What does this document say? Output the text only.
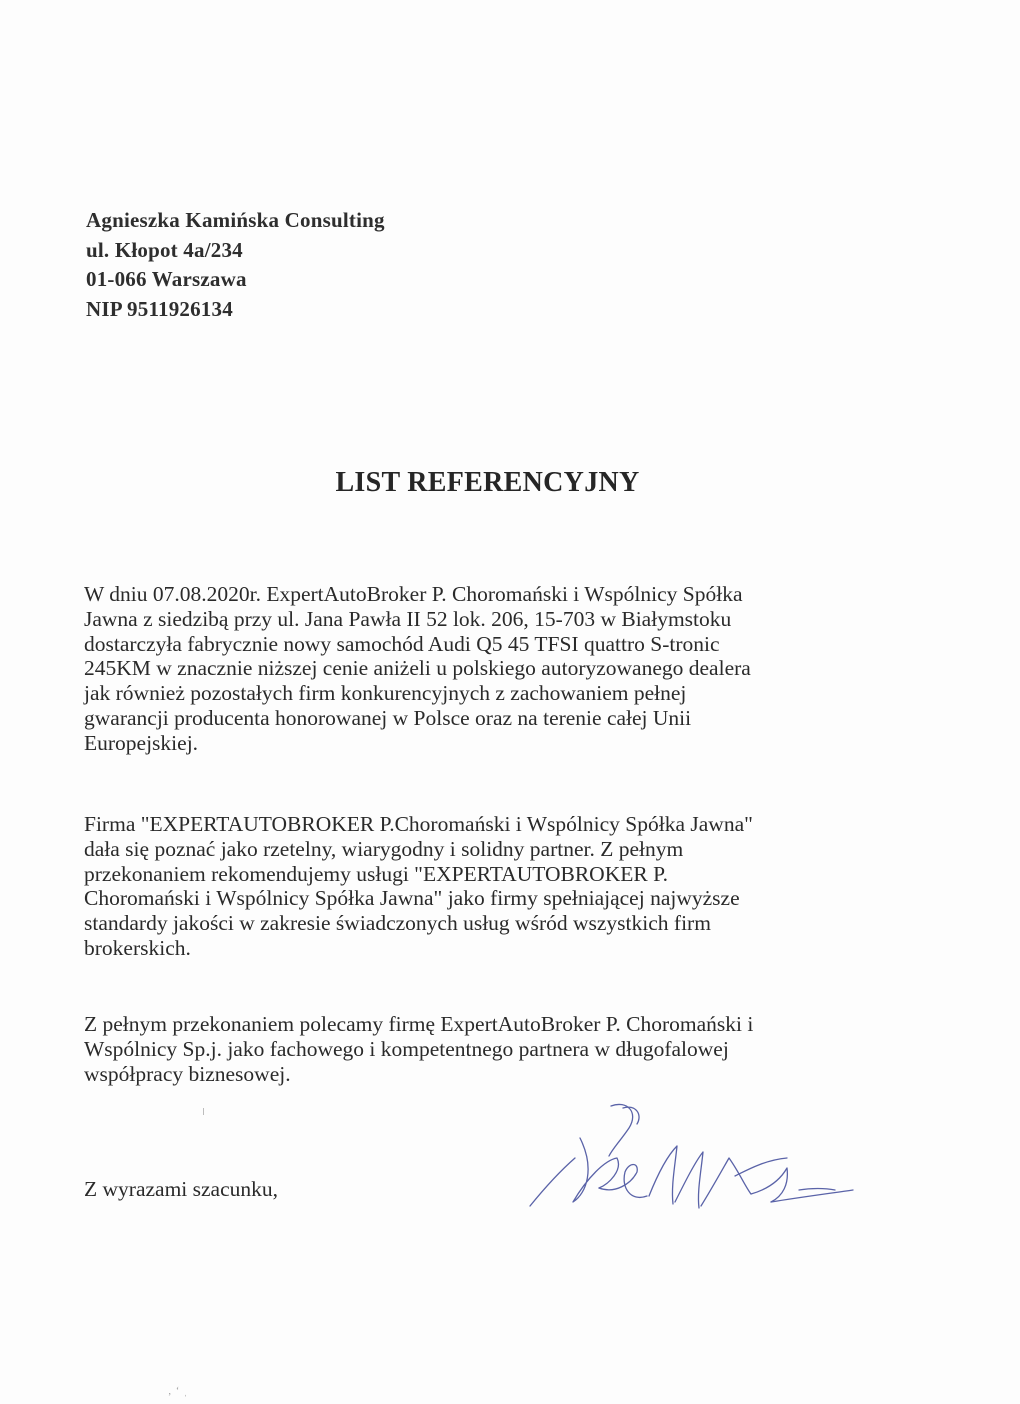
Agnieszka Kamińska Consulting
ul. Kłopot 4a/234
01-066 Warszawa
NIP 9511926134
LIST REFERENCYJNY
W dniu 07.08.2020r. ExpertAutoBroker P. Choromański i Wspólnicy Spółka
Jawna z siedzibą przy ul. Jana Pawła II 52 lok. 206, 15-703 w Białymstoku
dostarczyła fabrycznie nowy samochód Audi Q5 45 TFSI quattro S-tronic
245KM w znacznie niższej cenie aniżeli u polskiego autoryzowanego dealera
jak również pozostałych firm konkurencyjnych z zachowaniem pełnej
gwarancji producenta honorowanej w Polsce oraz na terenie całej Unii
Europejskiej.
Firma "EXPERTAUTOBROKER P.Choromański i Wspólnicy Spółka Jawna"
dała się poznać jako rzetelny, wiarygodny i solidny partner. Z pełnym
przekonaniem rekomendujemy usługi "EXPERTAUTOBROKER P.
Choromański i Wspólnicy Spółka Jawna" jako firmy spełniającej najwyższe
standardy jakości w zakresie świadczonych usług wśród wszystkich firm
brokerskich.
Z pełnym przekonaniem polecamy firmę ExpertAutoBroker P. Choromański i
Wspólnicy Sp.j. jako fachowego i kompetentnego partnera w długofalowej
współpracy biznesowej.
Z wyrazami szacunku,
‚ ʻ ˌ
